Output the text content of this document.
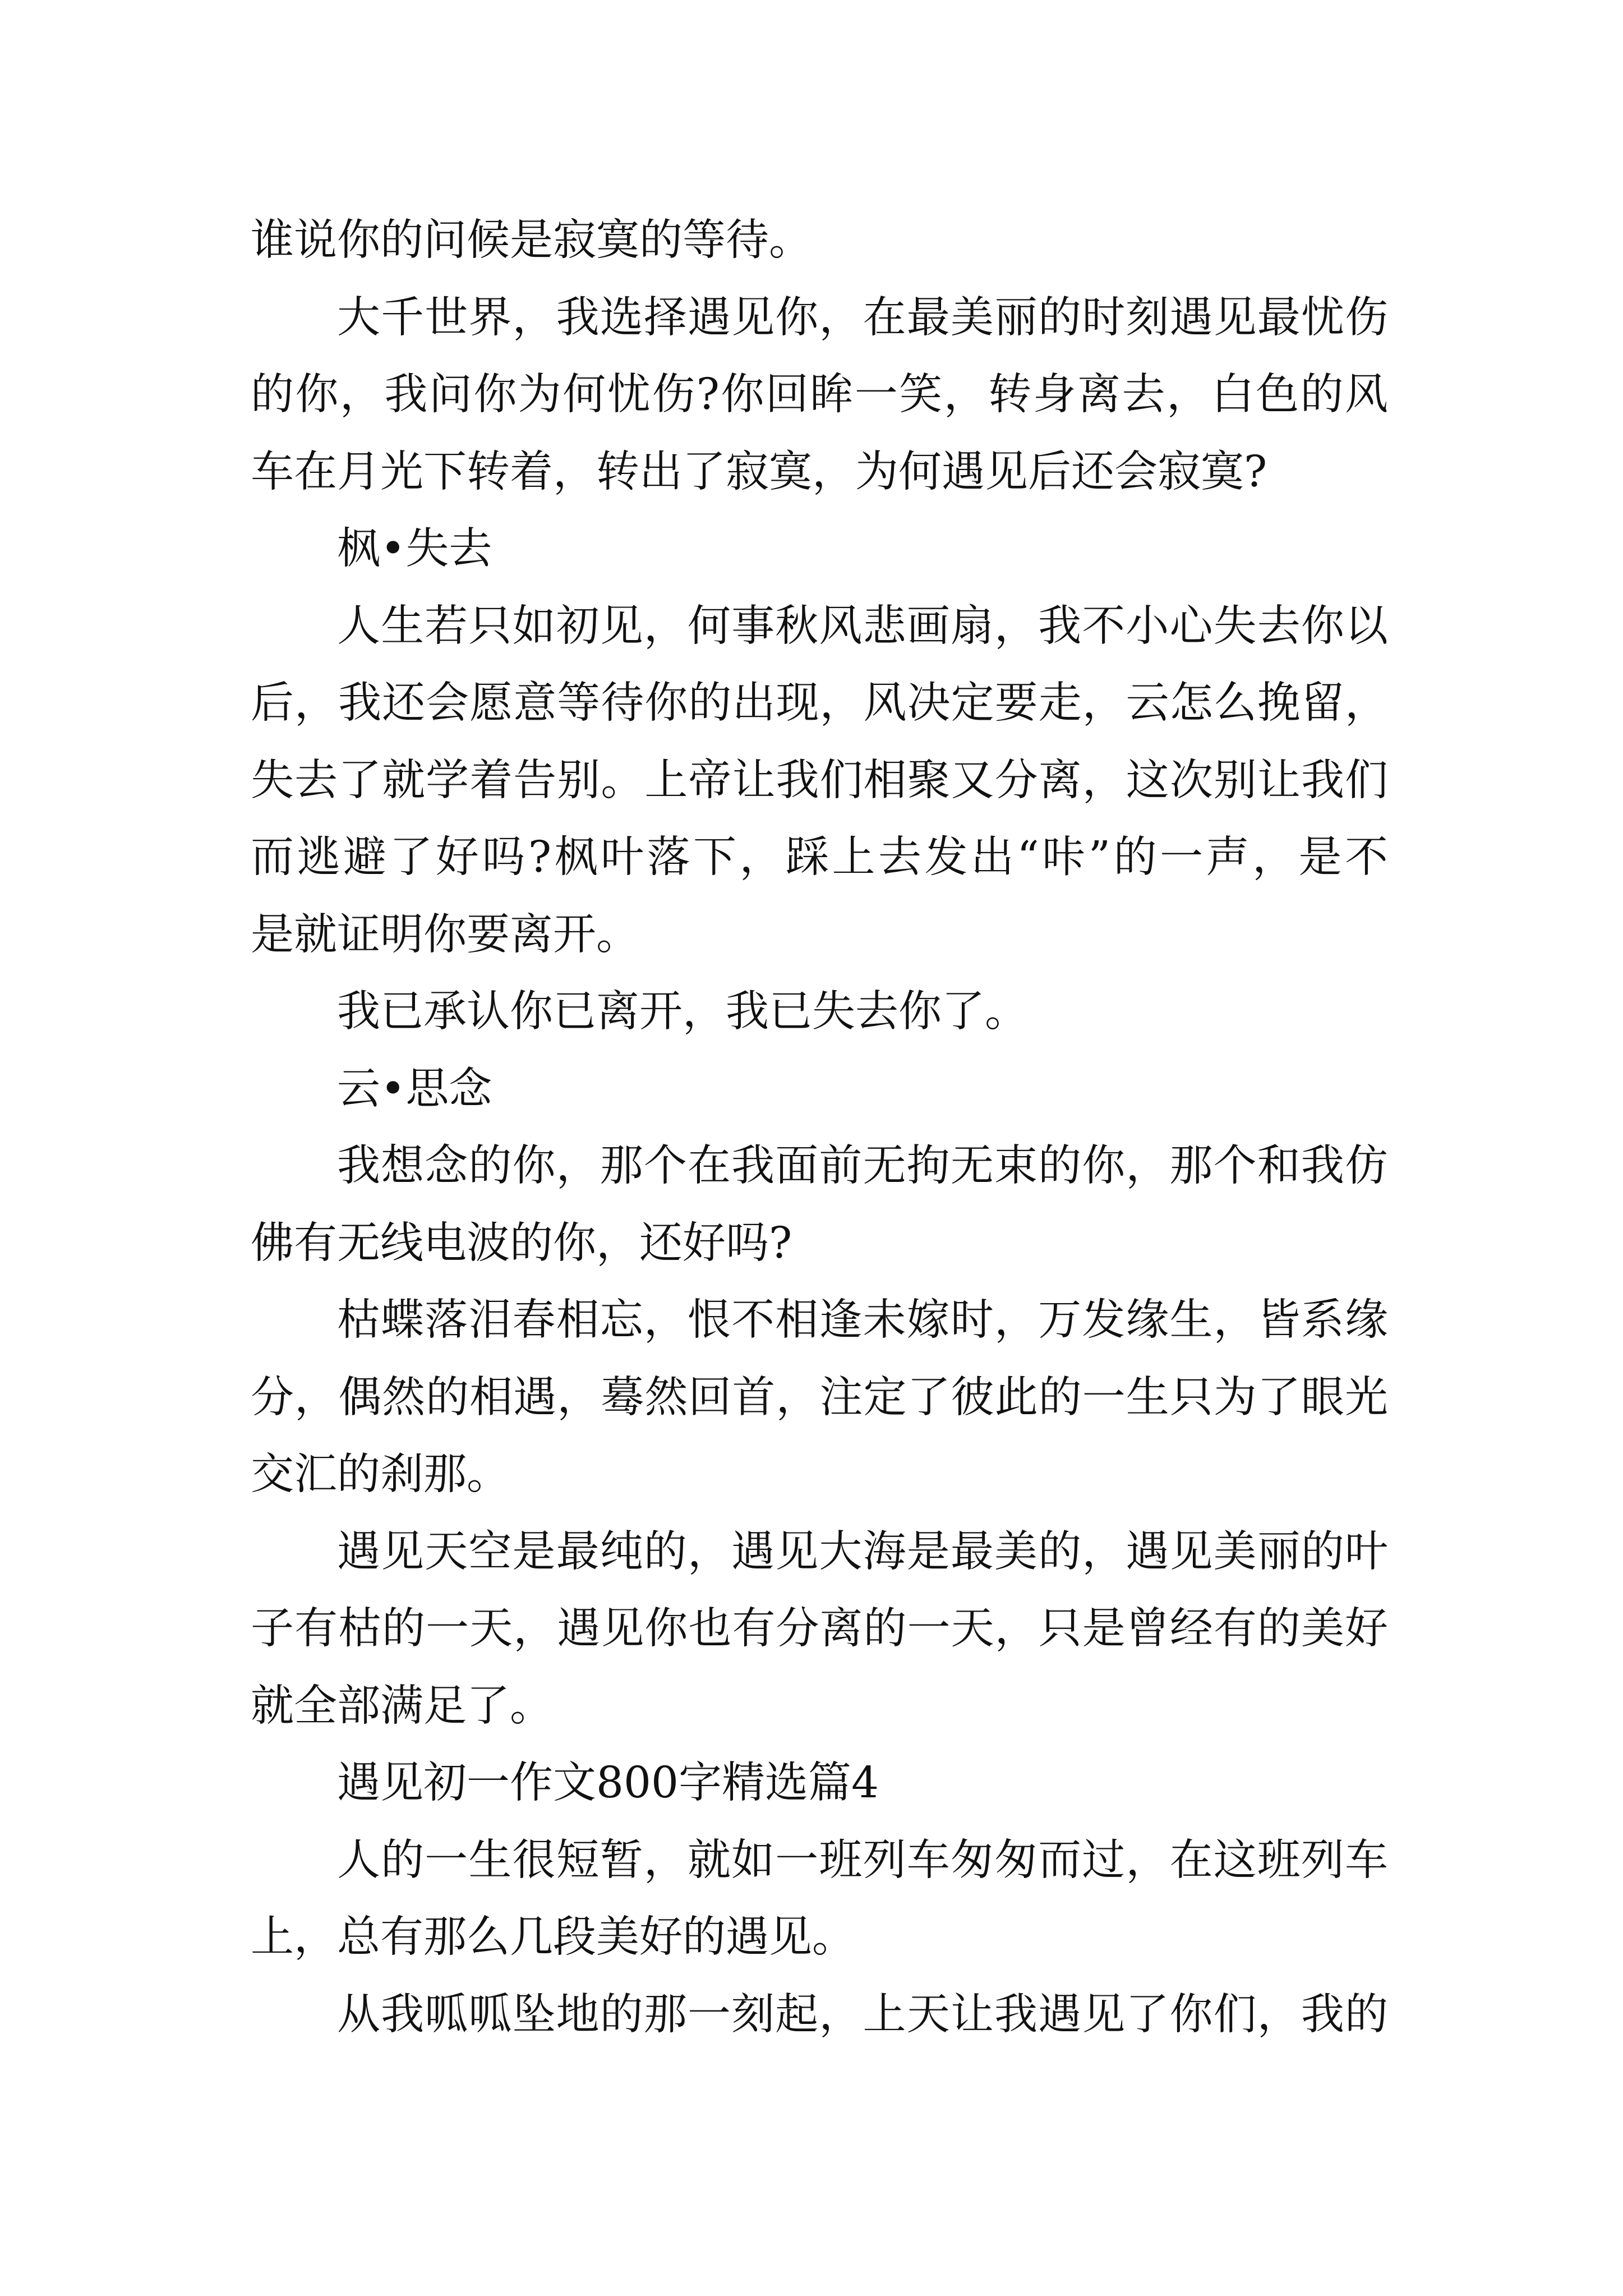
谁说你的问候是寂寞的等待。
大千世界，我选择遇见你，在最美丽的时刻遇见最忧伤
的你，我问你为何忧伤?你回眸一笑，转身离去，白色的风
车在月光下转着，转出了寂寞，为何遇见后还会寂寞?
枫•失去
人生若只如初见，何事秋风悲画扇，我不小心失去你以
后，我还会愿意等待你的出现，风决定要走，云怎么挽留，
失去了就学着告别。上帝让我们相聚又分离，这次别让我们
而逃避了好吗?枫叶落下，踩上去发出“咔”的一声，是不
是就证明你要离开。
我已承认你已离开，我已失去你了。
云•思念
我想念的你，那个在我面前无拘无束的你，那个和我仿
佛有无线电波的你，还好吗?
枯蝶落泪春相忘，恨不相逢未嫁时，万发缘生，皆系缘
分，偶然的相遇，蓦然回首，注定了彼此的一生只为了眼光
交汇的刹那。
遇见天空是最纯的，遇见大海是最美的，遇见美丽的叶
子有枯的一天，遇见你也有分离的一天，只是曾经有的美好
就全部满足了。
遇见初一作文800字精选篇4
人的一生很短暂，就如一班列车匆匆而过，在这班列车
上，总有那么几段美好的遇见。
从我呱呱坠地的那一刻起，上天让我遇见了你们，我的
